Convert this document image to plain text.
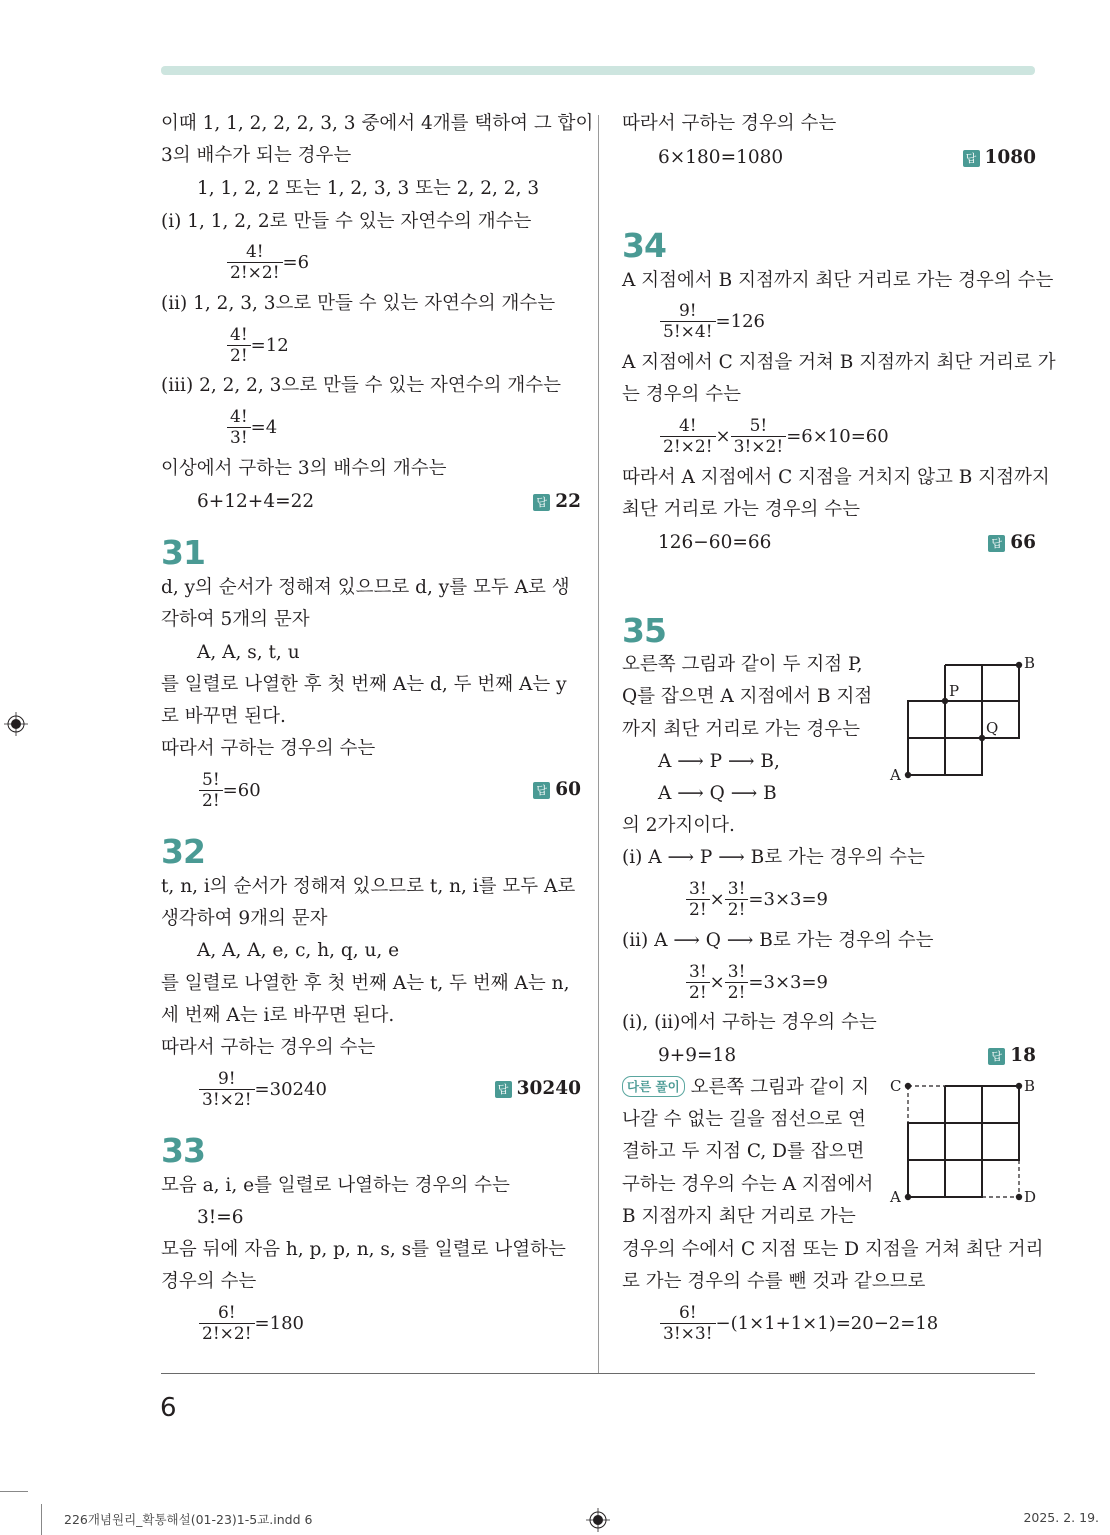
이때 1, 1, 2, 2, 2, 3, 3 중에서 4개를 택하여 그 합이
3의 배수가 되는 경우는
1, 1, 2, 2 또는 1, 2, 3, 3 또는 2, 2, 2, 3
(i) 1, 1, 2, 2로 만들 수 있는 자연수의 개수는
$\frac{4!}{2!\times 2!} =6$
(ii) 1, 2, 3, 3으로 만들 수 있는 자연수의 개수는
$\frac{4!}{2!} =12$
(iii) 2, 2, 2, 3으로 만들 수 있는 자연수의 개수는
$\frac{4!}{3!} =4$
이상에서 구하는 3의 배수의 개수는
6+12+4=22	답 22
31
d, y의 순서가 정해져 있으므로 d, y를 모두 A로 생
각하여 5개의 문자
A, A, s, t, u
를 일렬로 나열한 후 첫 번째 A는 d, 두 번째 A는 y
로 바꾸면 된다.
따라서 구하는 경우의 수는
$\frac{5!}{2!} =60$	답 60
32
t, n, i의 순서가 정해져 있으므로 t, n, i를 모두 A로
생각하여 9개의 문자
A, A, A, e, c, h, q, u, e
를 일렬로 나열한 후 첫 번째 A는 t, 두 번째 A는 n,
세 번째 A는 i로 바꾸면 된다.
따라서 구하는 경우의 수는
$\frac{9!}{3!\times 2!} =30240$	답 30240
33
모음 a, i, e를 일렬로 나열하는 경우의 수는
3!=6
모음 뒤에 자음 h, p, p, n, s, s를 일렬로 나열하는
경우의 수는
$\frac{6!}{2!\times 2!} =180$
따라서 구하는 경우의 수는
6×180=1080	답 1080
34
A 지점에서 B 지점까지 최단 거리로 가는 경우의 수는
$\frac{9!}{5!\times 4!} =126$
A 지점에서 C 지점을 거쳐 B 지점까지 최단 거리로 가
는 경우의 수는
$\frac{4!}{2!\times 2!} \times \frac{5!}{3!\times 2!} =6\times 10=60$
따라서 A 지점에서 C 지점을 거치지 않고 B 지점까지
최단 거리로 가는 경우의 수는
126−60=66	답 66
35
오른쪽 그림과 같이 두 지점 P,
Q를 잡으면 A 지점에서 B 지점
까지 최단 거리로 가는 경우는
A ⟶ P ⟶ B,
A ⟶ Q ⟶ B
의 2가지이다.
(i) A ⟶ P ⟶ B로 가는 경우의 수는
$\frac{3!}{2!} \times \frac{3!}{2!} =3\times 3=9$
(ii) A ⟶ Q ⟶ B로 가는 경우의 수는
$\frac{3!}{2!} \times \frac{3!}{2!} =3\times 3=9$
(i), (ii)에서 구하는 경우의 수는
9+9=18	답 18
다른 풀이 오른쪽 그림과 같이 지
나갈 수 없는 길을 점선으로 연
결하고 두 지점 C, D를 잡으면
구하는 경우의 수는 A 지점에서
B 지점까지 최단 거리로 가는
경우의 수에서 C 지점 또는 D 지점을 거쳐 최단 거리
로 가는 경우의 수를 뺀 것과 같으므로
$\frac{6!}{3!\times 3!} -(1\times 1+1\times 1)=20-2=18$
A
B
P
Q
A
B
C
D
6
226개념원리_확통해설(01-23)1-5교.indd 6	2025. 2. 19.
